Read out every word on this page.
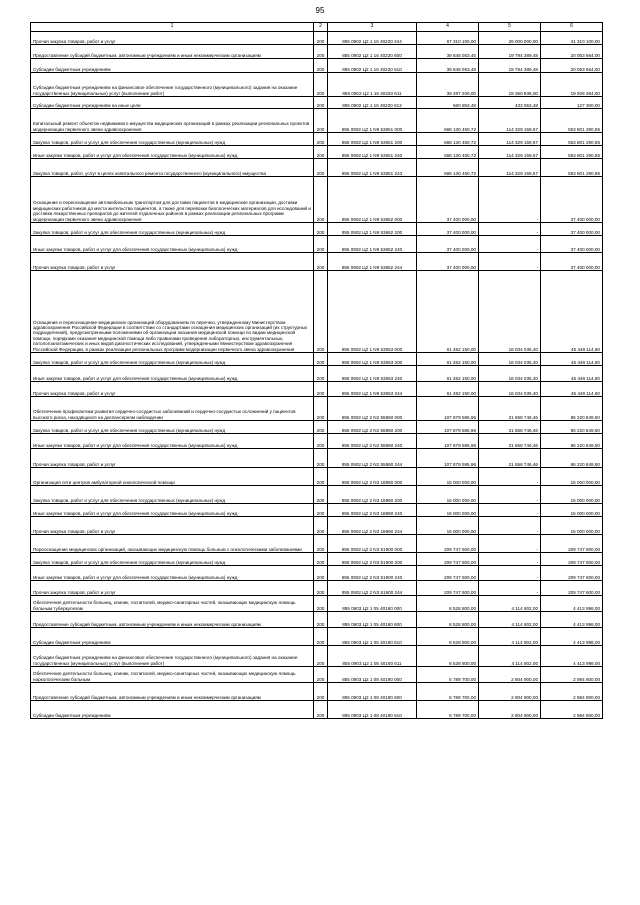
95
1	2	3	4	5	6
Прочая закупка товаров, работ и услуг	200	855 0902 Ц2 1 16 40220 244	67 310 100,00	26 000 000,00	41 310 100,00
Предоставление субсидий бюджетным, автономным учреждениям и иным некоммерческим организациям	200	855 0902 Ц2 1 16 40220 600	39 848 053,45	19 794 389,48	20 053 664,00
Субсидии бюджетным учреждениям	200	855 0902 Ц2 1 16 40220 610	39 848 053,48	19 794 389,48	20 053 664,00
Субсидии бюджетным учреждениям на финансовое обеспечение государственного (муниципального) задания на оказание государственных (муниципальных) услуг (выполнение работ)	200	855 0902 Ц2 1 16 40220 611	39 287 200,00	19 360 836,00	19 926 364,00
Субсидии бюджетным учреждениям на иные цели	200	855 0902 Ц2 1 16 40220 612	560 853,48	433 553,48	127 300,00
Капитальный ремонт объектов недвижимого имущества медицинских организаций в рамках реализации региональных проектов модернизации первичного звена здравоохранения	200	855 0902 Ц2 1 N9 53651 000	668 130 450,72	114 329 159,67	553 801 290,85
Закупка товаров, работ и услуг для обеспечения государственных (муниципальных) нужд	200	855 0902 Ц2 1 N9 53651 200	668 130 450,72	114 329 159,67	553 801 290,85
Иные закупки товаров, работ и услуг для обеспечения государственных (муниципальных) нужд	200	855 0902 Ц2 1 N9 53651 240	668 130 450,72	114 329 159,67	553 801 290,85
Закупка товаров, работ, услуг в целях капитального ремонта государственного (муниципального) имущества	200	855 0902 Ц2 1 N9 53651 243	668 130 450,72	114 329 159,67	553 801 290,85
Оснащение и переоснащение автомобильным транспортом для доставки пациентов в медицинские организации, доставки медицинских работников до места жительства пациентов, а также для перевозки биологических материалов для исследований и доставки лекарственных препаратов до жителей отдаленных районов в рамках реализации региональных программ модернизации первичного звена здравоохранения	200	855 0902 Ц2 1 N9 53652 000	37 400 000,00	-	37 400 000,00
Закупка товаров, работ и услуг для обеспечения государственных (муниципальных) нужд	200	855 0902 Ц2 1 N9 53652 200	37 400 000,00	-	37 400 000,00
Иные закупки товаров, работ и услуг для обеспечения государственных (муниципальных) нужд	200	855 0902 Ц2 1 N9 53652 240	37 400 000,00	-	37 400 000,00
Прочая закупка товаров, работ и услуг	200	855 0902 Ц2 1 N9 53652 244	37 400 000,00	-	37 400 000,00
Оснащение и переоснащение медицинских организаций оборудованием по перечню, утвержденному Министерством здравоохранения Российской Федерации в соответствии со стандартами оснащения медицинских организаций (их структурных подразделений), предусмотренными положениями об организации оказания медицинской помощи по видам медицинской помощи, порядками оказания медицинской помощи либо правилами проведения лабораторных, инструментальных, патологоанатомических и иных видов диагностических исследований, утвержденными Министерством здравоохранения Российской Федерации, в рамках реализации региональных программ модернизации первичного звена здравоохранения	200	855 0902 Ц2 1 N9 53653 000	61 482 150,00	16 034 035,40	45 448 114,60
Закупка товаров, работ и услуг для обеспечения государственных (муниципальных) нужд	200	855 0902 Ц2 1 N9 53653 200	61 482 150,00	16 034 035,40	45 448 114,60
Иные закупки товаров, работ и услуг для обеспечения государственных (муниципальных) нужд	200	855 0902 Ц2 1 N9 53653 240	61 482 150,00	16 034 035,40	45 448 114,60
Прочая закупка товаров, работ и услуг	200	855 0902 Ц2 1 N9 53653 244	61 482 150,00	16 034 035,40	45 448 114,60
Обеспечение профилактики развития сердечно-сосудистых заболеваний и сердечно-сосудистых осложнений у пациентов высокого риска, находящихся на диспансерном наблюдении	200	855 0902 Ц2 2 N2 55860 000	107 879 595,96	21 658 746,46	86 220 849,50
Закупка товаров, работ и услуг для обеспечения государственных (муниципальных) нужд	200	855 0902 Ц2 2 N2 55860 200	107 879 595,96	21 658 746,46	86 220 849,50
Иные закупки товаров, работ и услуг для обеспечения государственных (муниципальных) нужд	200	855 0902 Ц2 2 N2 55860 240	107 879 595,96	21 658 746,46	86 220 849,50
Прочая закупка товаров, работ и услуг	200	855 0902 Ц2 2 N2 55860 244	107 879 595,96	21 658 746,46	86 220 849,50
Организация сети центров амбулаторной онкологической помощи	200	855 0902 Ц2 2 N3 18960 000	15 000 000,00	-	15 000 000,00
Закупка товаров, работ и услуг для обеспечения государственных (муниципальных) нужд	200	855 0902 Ц2 2 N3 18960 200	15 000 000,00	-	15 000 000,00
Иные закупки товаров, работ и услуг для обеспечения государственных (муниципальных) нужд	200	855 0902 Ц2 2 N3 18960 240	15 000 000,00	-	15 000 000,00
Прочая закупка товаров, работ и услуг	200	855 0902 Ц2 2 N3 18960 244	15 000 000,00	-	15 000 000,00
Переоснащение медицинских организаций, оказывающих медицинскую помощь больным с онкологическими заболеваниями	200	855 0902 Ц2 2 N3 51900 000	209 747 600,00	-	209 747 600,00
Закупка товаров, работ и услуг для обеспечения государственных (муниципальных) нужд	200	855 0902 Ц2 2 N3 51900 200	209 747 600,00	-	209 747 600,00
Иные закупки товаров, работ и услуг для обеспечения государственных (муниципальных) нужд	200	855 0902 Ц2 2 N3 51900 240	209 747 600,00	-	209 747 600,00
Прочая закупка товаров, работ и услуг	200	855 0902 Ц2 2 N3 51900 244	209 747 600,00	-	209 747 600,00
Обеспечение деятельности больниц, клиник, госпиталей, медико-санитарных частей, оказывающих медицинскую помощь больным туберкулезом	200	855 0903 Ц2 1 05 40160 000	8 528 800,00	4 114 802,00	4 413 998,00
Предоставление субсидий бюджетным, автономным учреждениям и иным некоммерческим организациям	200	855 0903 Ц2 1 05 40160 600	8 528 800,00	4 114 802,00	4 413 998,00
Субсидии бюджетным учреждениям	200	855 0903 Ц2 1 05 40160 610	8 528 800,00	4 114 802,00	4 413 998,00
Субсидии бюджетным учреждениям на финансовое обеспечение государственного (муниципального) задания на оказание государственных (муниципальных) услуг (выполнение работ)	200	855 0903 Ц2 1 05 40160 611	8 528 800,00	4 114 802,00	4 413 998,00
Обеспечение деятельности больниц, клиник, госпиталей, медико-санитарных частей, оказывающих медицинскую помощь наркологическим больным	200	855 0903 Ц2 1 08 40190 000	5 789 700,00	2 804 900,00	2 984 800,00
Предоставление субсидий бюджетным, автономным учреждениям и иным некоммерческим организациям	200	855 0903 Ц2 1 08 40190 600	5 789 700,00	2 804 900,00	2 984 800,00
Субсидии бюджетным учреждениям	200	855 0903 Ц2 1 08 40190 610	5 789 700,00	2 804 900,00	2 984 800,00
